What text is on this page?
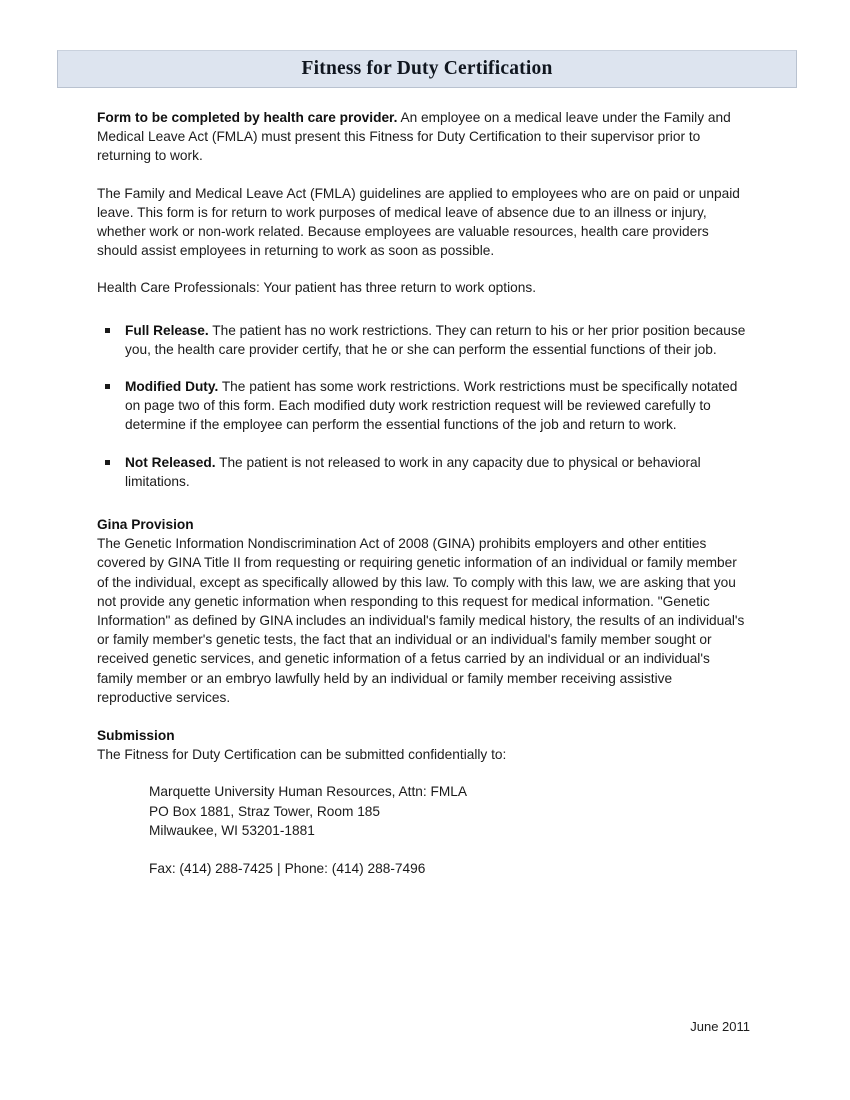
Fitness for Duty Certification

Form to be completed by health care provider. An employee on a medical leave under the Family and Medical Leave Act (FMLA) must present this Fitness for Duty Certification to their supervisor prior to returning to work.

The Family and Medical Leave Act (FMLA) guidelines are applied to employees who are on paid or unpaid leave. This form is for return to work purposes of medical leave of absence due to an illness or injury, whether work or non-work related. Because employees are valuable resources, health care providers should assist employees in returning to work as soon as possible.

Health Care Professionals: Your patient has three return to work options.

Full Release. The patient has no work restrictions. They can return to his or her prior position because you, the health care provider certify, that he or she can perform the essential functions of their job.
Modified Duty. The patient has some work restrictions. Work restrictions must be specifically notated on page two of this form. Each modified duty work restriction request will be reviewed carefully to determine if the employee can perform the essential functions of the job and return to work.
Not Released. The patient is not released to work in any capacity due to physical or behavioral limitations.

Gina Provision

The Genetic Information Nondiscrimination Act of 2008 (GINA) prohibits employers and other entities covered by GINA Title II from requesting or requiring genetic information of an individual or family member of the individual, except as specifically allowed by this law. To comply with this law, we are asking that you not provide any genetic information when responding to this request for medical information. "Genetic Information" as defined by GINA includes an individual's family medical history, the results of an individual's or family member's genetic tests, the fact that an individual or an individual's family member sought or received genetic services, and genetic information of a fetus carried by an individual or an individual's family member or an embryo lawfully held by an individual or family member receiving assistive reproductive services.

Submission

The Fitness for Duty Certification can be submitted confidentially to:

Marquette University Human Resources, Attn: FMLA
PO Box 1881, Straz Tower, Room 185
Milwaukee, WI 53201-1881
Fax: (414) 288-7425 | Phone: (414) 288-7496
June 2011
